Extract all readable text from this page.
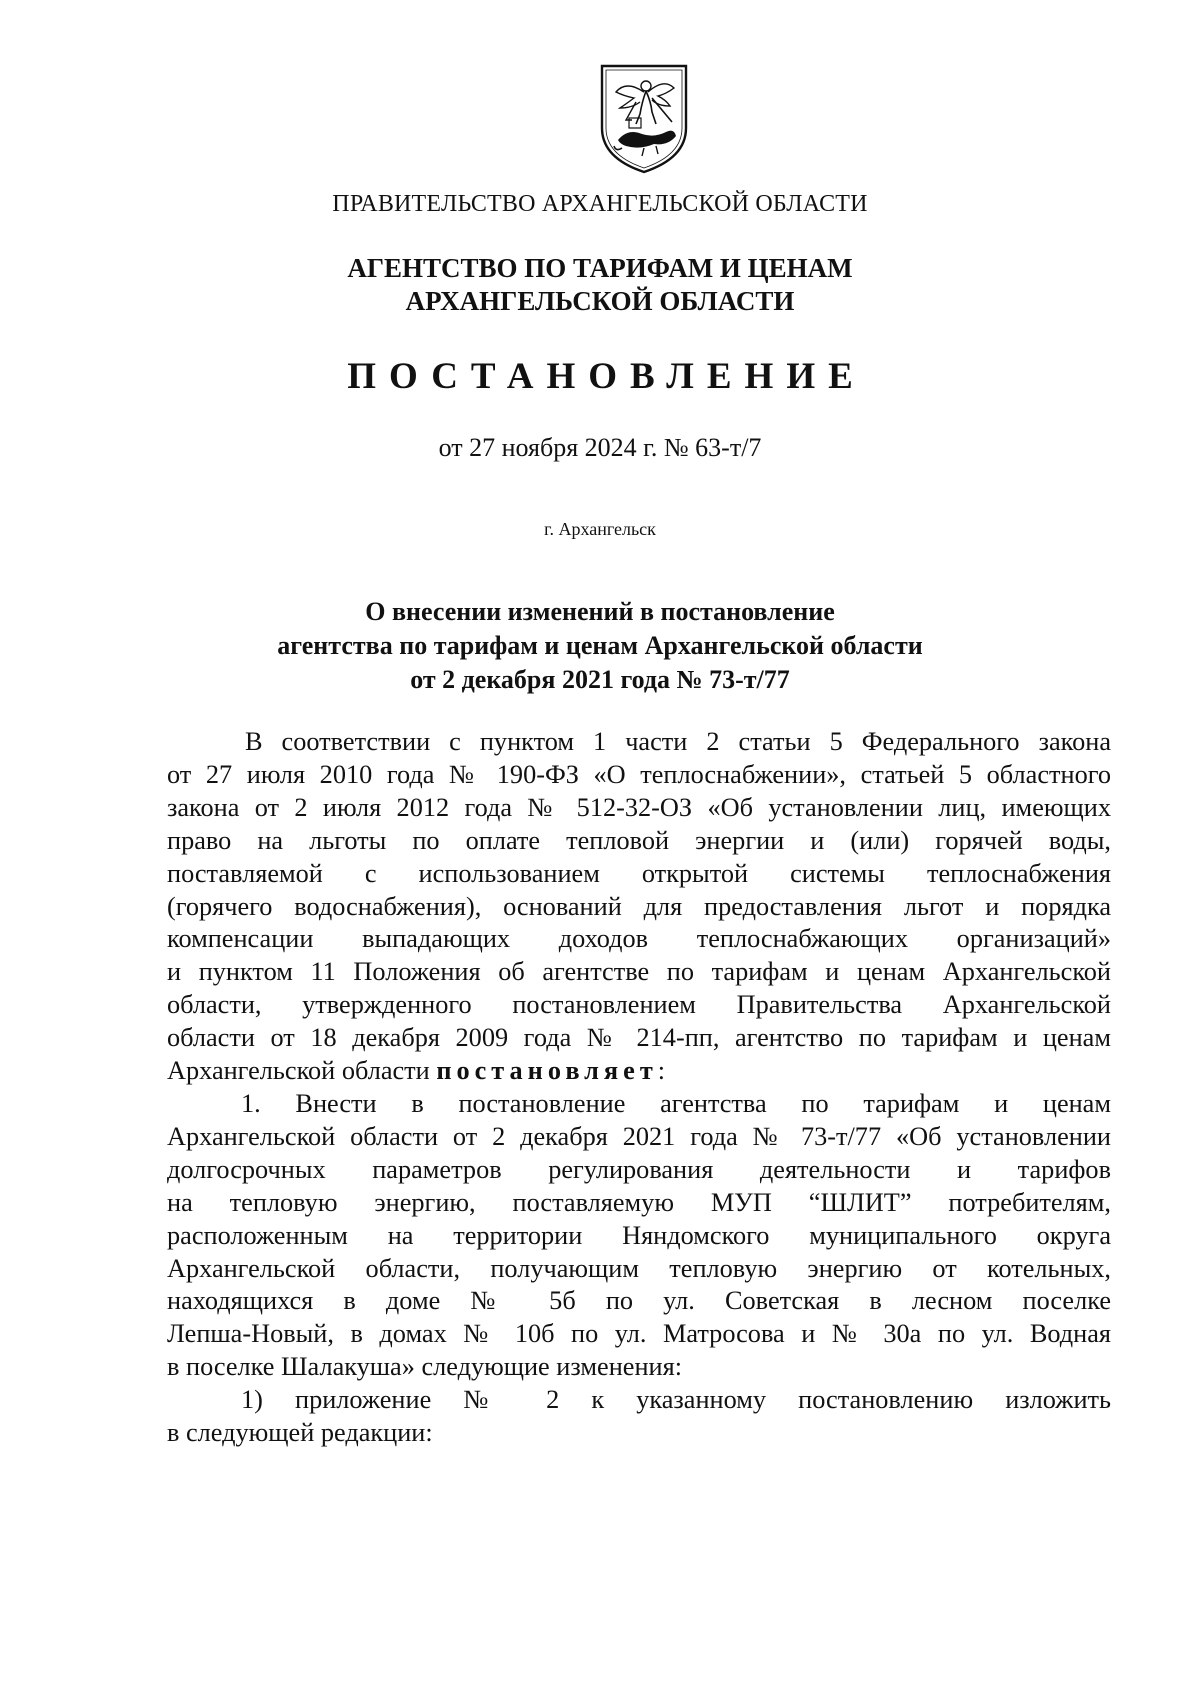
ПРАВИТЕЛЬСТВО АРХАНГЕЛЬСКОЙ ОБЛАСТИ
АГЕНТСТВО ПО ТАРИФАМ И ЦЕНАМ
АРХАНГЕЛЬСКОЙ ОБЛАСТИ
ПОСТАНОВЛЕНИЕ
от 27 ноября 2024 г. № 63-т/7
г. Архангельск
О внесении изменений в постановление
агентства по тарифам и ценам Архангельской области
от 2 декабря 2021 года № 73-т/77
В соответствии с пунктом 1 части 2 статьи 5 Федерального закона
от 27 июля 2010 года № 190-ФЗ «О теплоснабжении», статьей 5 областного
закона от 2 июля 2012 года № 512-32-ОЗ «Об установлении лиц, имеющих
право на льготы по оплате тепловой энергии и (или) горячей воды,
поставляемой с использованием открытой системы теплоснабжения
(горячего водоснабжения), оснований для предоставления льгот и порядка
компенсации выпадающих доходов теплоснабжающих организаций»
и пунктом 11 Положения об агентстве по тарифам и ценам Архангельской
области, утвержденного постановлением Правительства Архангельской
области от 18 декабря 2009 года № 214-пп, агентство по тарифам и ценам
Архангельской области постановляет:
1. Внести в постановление агентства по тарифам и ценам
Архангельской области от 2 декабря 2021 года № 73-т/77 «Об установлении
долгосрочных параметров регулирования деятельности и тарифов
на тепловую энергию, поставляемую МУП “ШЛИТ” потребителям,
расположенным на территории Няндомского муниципального округа
Архангельской области, получающим тепловую энергию от котельных,
находящихся в доме № 5б по ул. Советская в лесном поселке
Лепша-Новый, в домах № 10б по ул. Матросова и № 30а по ул. Водная
в поселке Шалакуша» следующие изменения:
1) приложение № 2 к указанному постановлению изложить
в следующей редакции:
